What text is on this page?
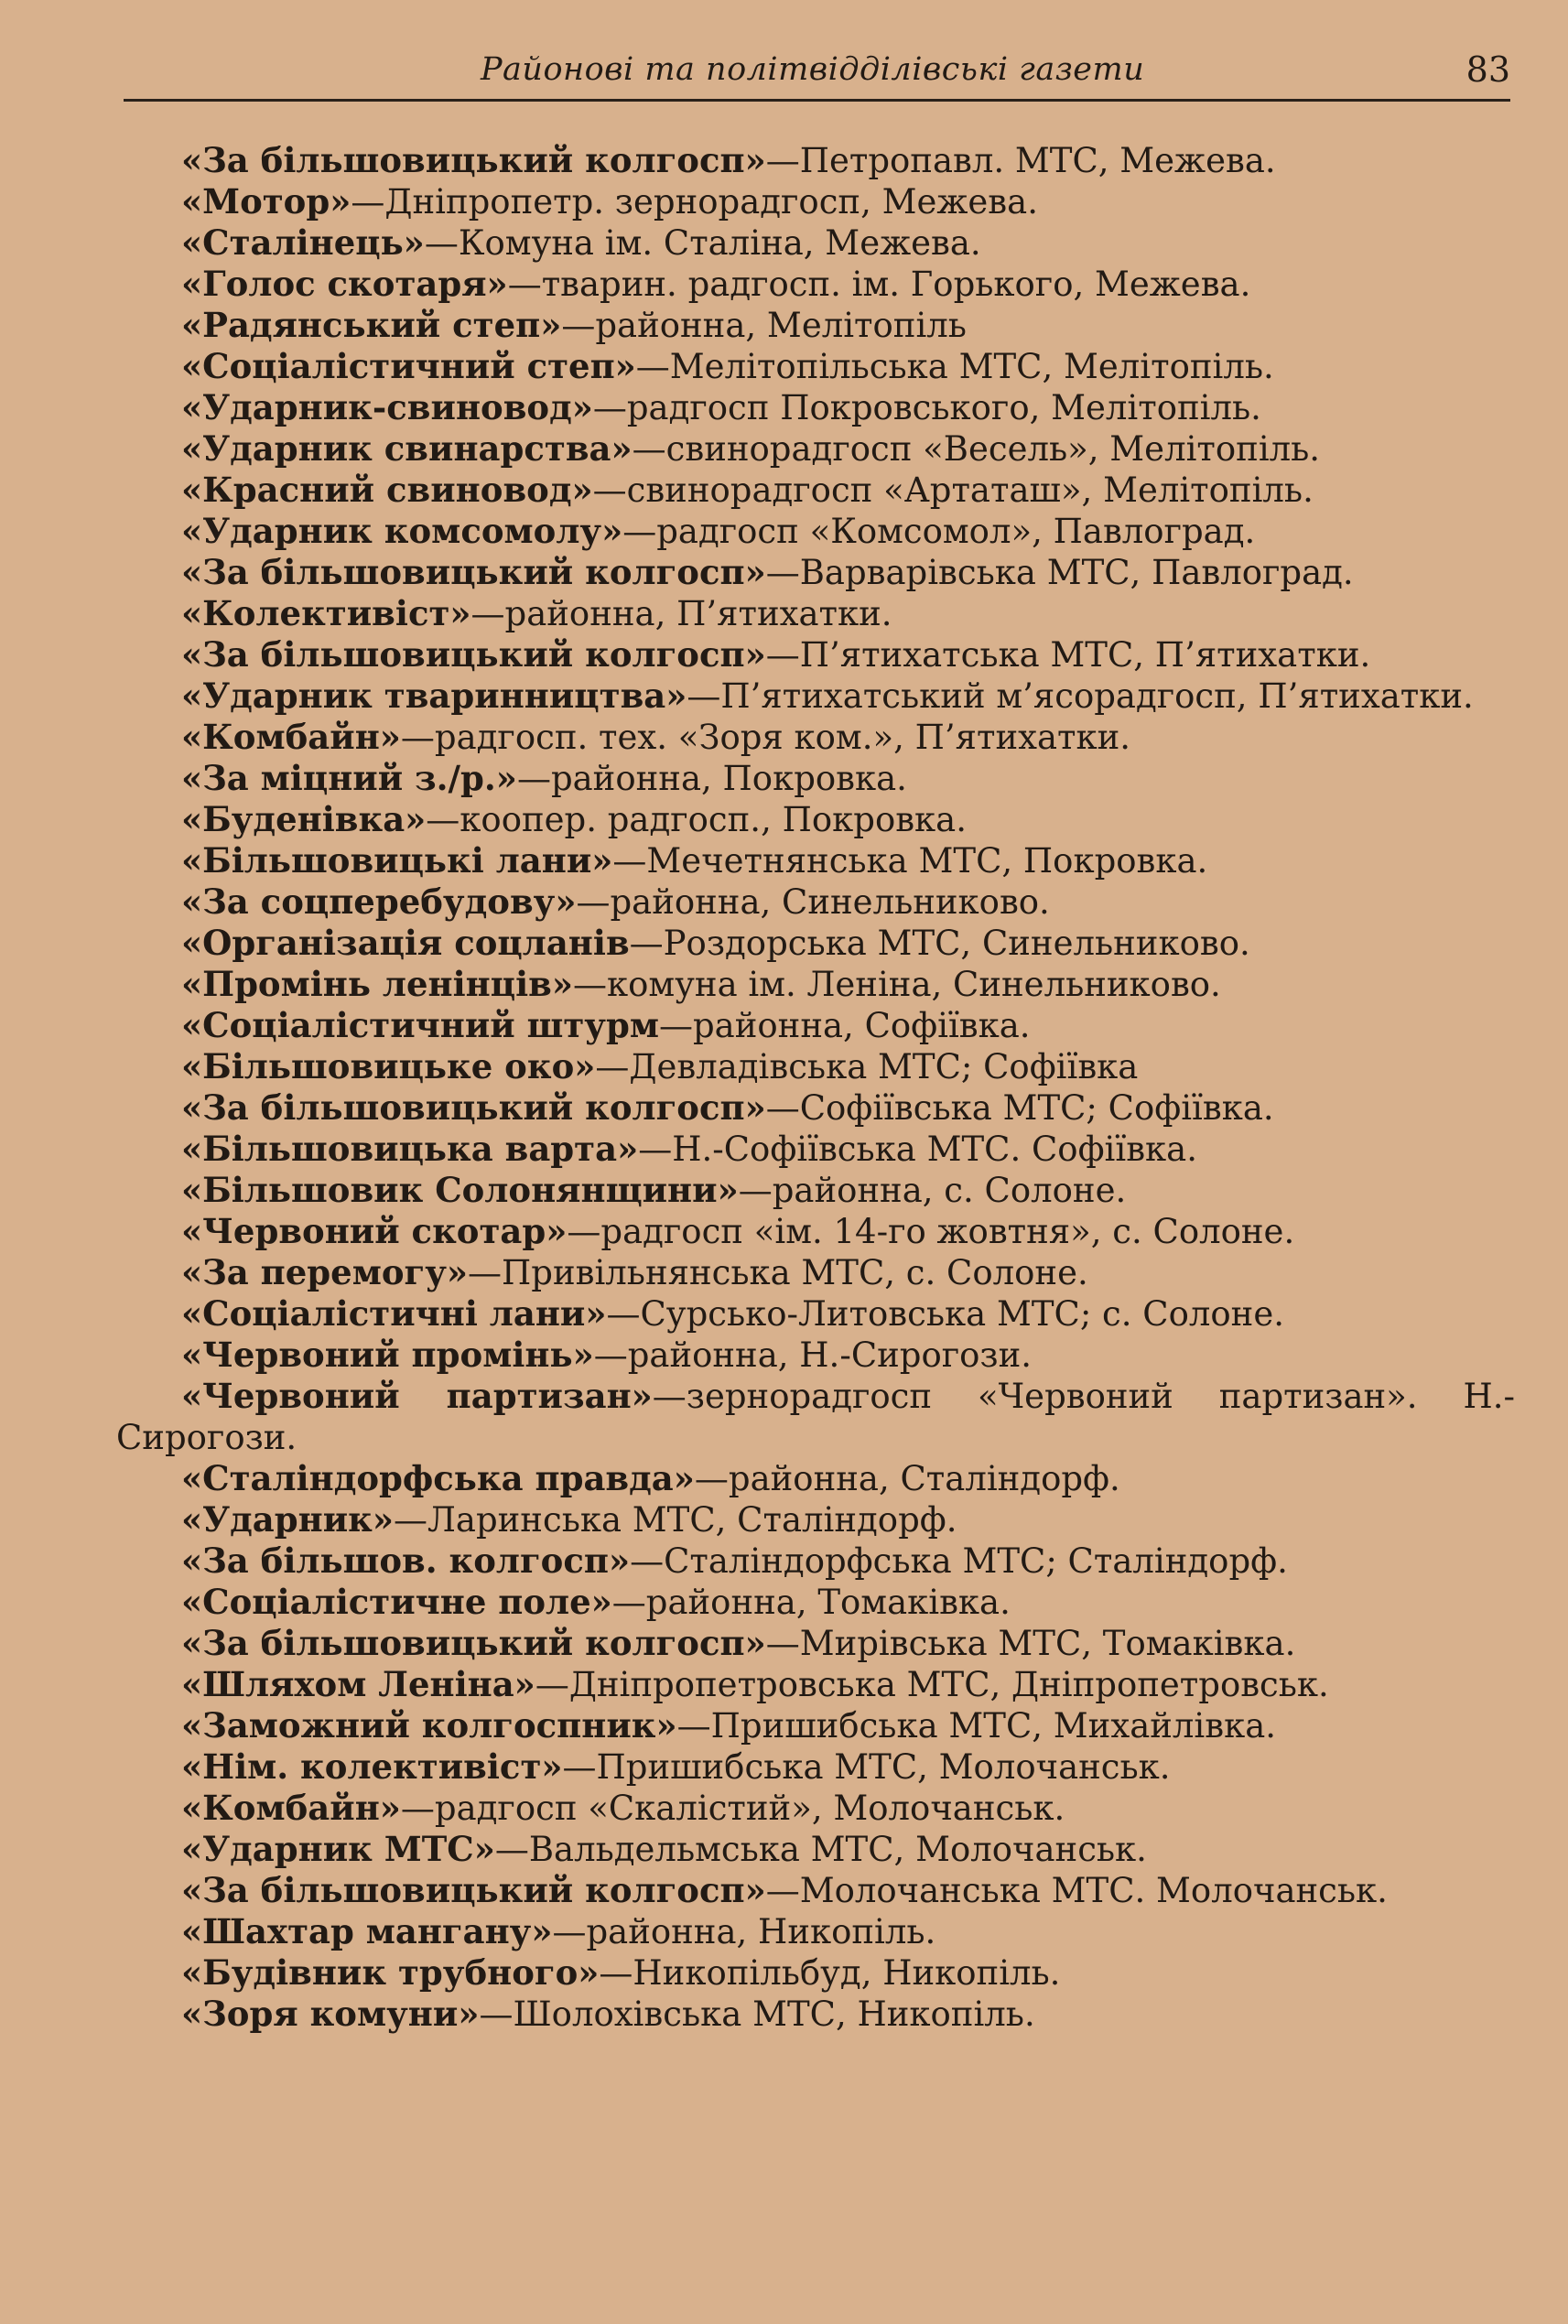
Районові та політвідділівські газети	83

«За більшовицький колгосп»—Петропавл. МТС, Межева.

«Мотор»—Дніпропетр. зернорадгосп, Межева.

«Сталінець»—Комуна ім. Сталіна, Межева.

«Голос скотаря»—тварин. радгосп. ім. Горького, Межева.

«Радянський степ»—районна, Мелітопіль

«Соціалістичний степ»—Мелітопільська МТС, Мелітопіль.

«Ударник-свиновод»—радгосп Покровського, Мелітопіль.

«Ударник свинарства»—свинорадгосп «Весель», Мелітопіль.

«Красний свиновод»—свинорадгосп «Артаташ», Мелітопіль.

«Ударник комсомолу»—радгосп «Комсомол», Павлоград.

«За більшовицький колгосп»—Варварівська МТС, Павлоград.

«Колективіст»—районна, П’ятихатки.

«За більшовицький колгосп»—П’ятихатська МТС, П’ятихатки.

«Ударник тваринництва»—П’ятихатський м’ясорадгосп, П’ятихатки.

«Комбайн»—радгосп. тех. «Зоря ком.», П’ятихатки.

«За міцний з./р.»—районна, Покровка.

«Буденівка»—коопер. радгосп., Покровка.

«Більшовицькі лани»—Мечетнянська МТС, Покровка.

«За соцперебудову»—районна, Синельниково.

«Організація соцланів—Роздорська МТС, Синельниково.

«Промінь ленінців»—комуна ім. Леніна, Синельниково.

«Соціалістичний штурм—районна, Софіївка.

«Більшовицьке око»—Девладівська МТС; Софіївка

«За більшовицький колгосп»—Софіївська МТС; Софіївка.

«Більшовицька варта»—Н.-Софіївська МТС. Софіївка.

«Більшовик Солонянщини»—районна, с. Солоне.

«Червоний скотар»—радгосп «ім. 14-го жовтня», с. Солоне.

«За перемогу»—Привільнянська МТС, с. Солоне.

«Соціалістичні лани»—Сурсько-Литовська МТС; с. Солоне.

«Червоний промінь»—районна, Н.-Сирогози.

«Червоний партизан»—зернорадгосп «Червоний партизан». Н.-Сирогози.

«Сталіндорфська правда»—районна, Сталіндорф.

«Ударник»—Ларинська МТС, Сталіндорф.

«За більшов. колгосп»—Сталіндорфська МТС; Сталіндорф.

«Соціалістичне поле»—районна, Томаківка.

«За більшовицький колгосп»—Мирівська МТС, Томаківка.

«Шляхом Леніна»—Дніпропетровська МТС, Дніпропетровськ.

«Заможний колгоспник»—Пришибська МТС, Михайлівка.

«Нім. колективіст»—Пришибська МТС, Молочанськ.

«Комбайн»—радгосп «Скалістий», Молочанськ.

«Ударник МТС»—Вальдельмська МТС, Молочанськ.

«За більшовицький колгосп»—Молочанська МТС. Молочанськ.

«Шахтар мангану»—районна, Никопіль.

«Будівник трубного»—Никопільбуд, Никопіль.

«Зоря комуни»—Шолохівська МТС, Никопіль.
